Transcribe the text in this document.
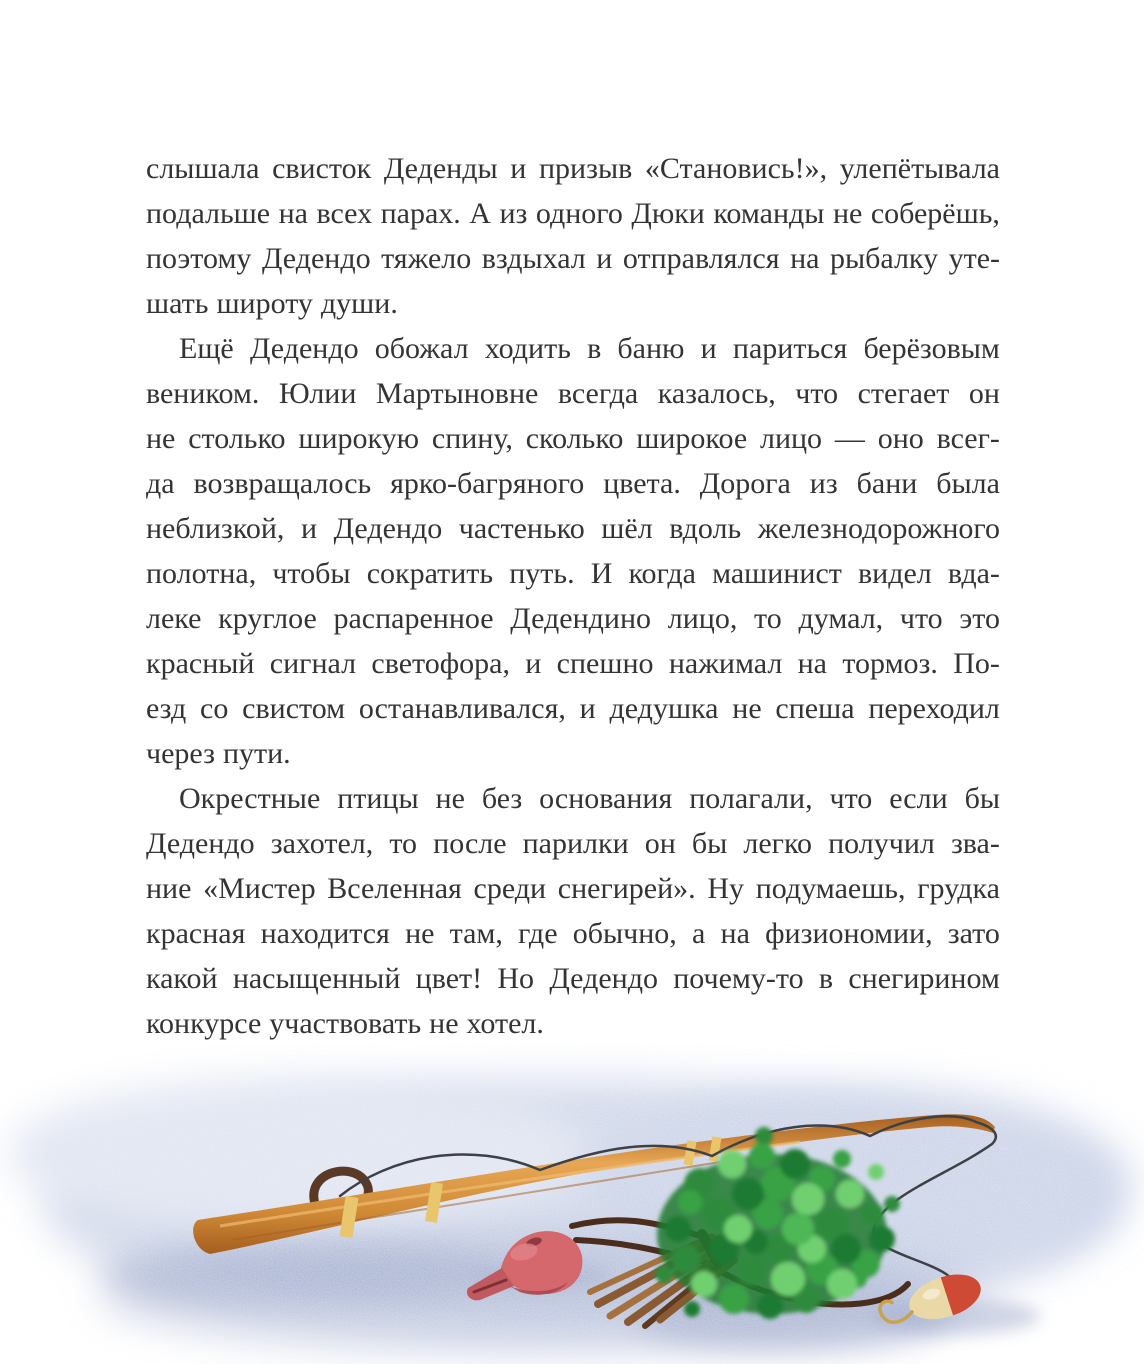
слышала свисток Деденды и призыв «Становись!», улепётывала
подальше на всех парах. А из одного Дюки команды не соберёшь,
поэтому Дедендо тяжело вздыхал и отправлялся на рыбалку уте-
шать широту души.
Ещё Дедендо обожал ходить в баню и париться берёзовым
веником. Юлии Мартыновне всегда казалось, что стегает он
не столько широкую спину, сколько широкое лицо — оно всег-
да возвращалось ярко-багряного цвета. Дорога из бани была
неблизкой, и Дедендо частенько шёл вдоль железнодорожного
полотна, чтобы сократить путь. И когда машинист видел вда-
леке круглое распаренное Дедендино лицо, то думал, что это
красный сигнал светофора, и спешно нажимал на тормоз. По-
езд со свистом останавливался, и дедушка не спеша переходил
через пути.
Окрестные птицы не без основания полагали, что если бы
Дедендо захотел, то после парилки он бы легко получил зва-
ние «Мистер Вселенная среди снегирей». Ну подумаешь, грудка
красная находится не там, где обычно, а на физиономии, зато
какой насыщенный цвет! Но Дедендо почему-то в снегирином
конкурсе участвовать не хотел.
